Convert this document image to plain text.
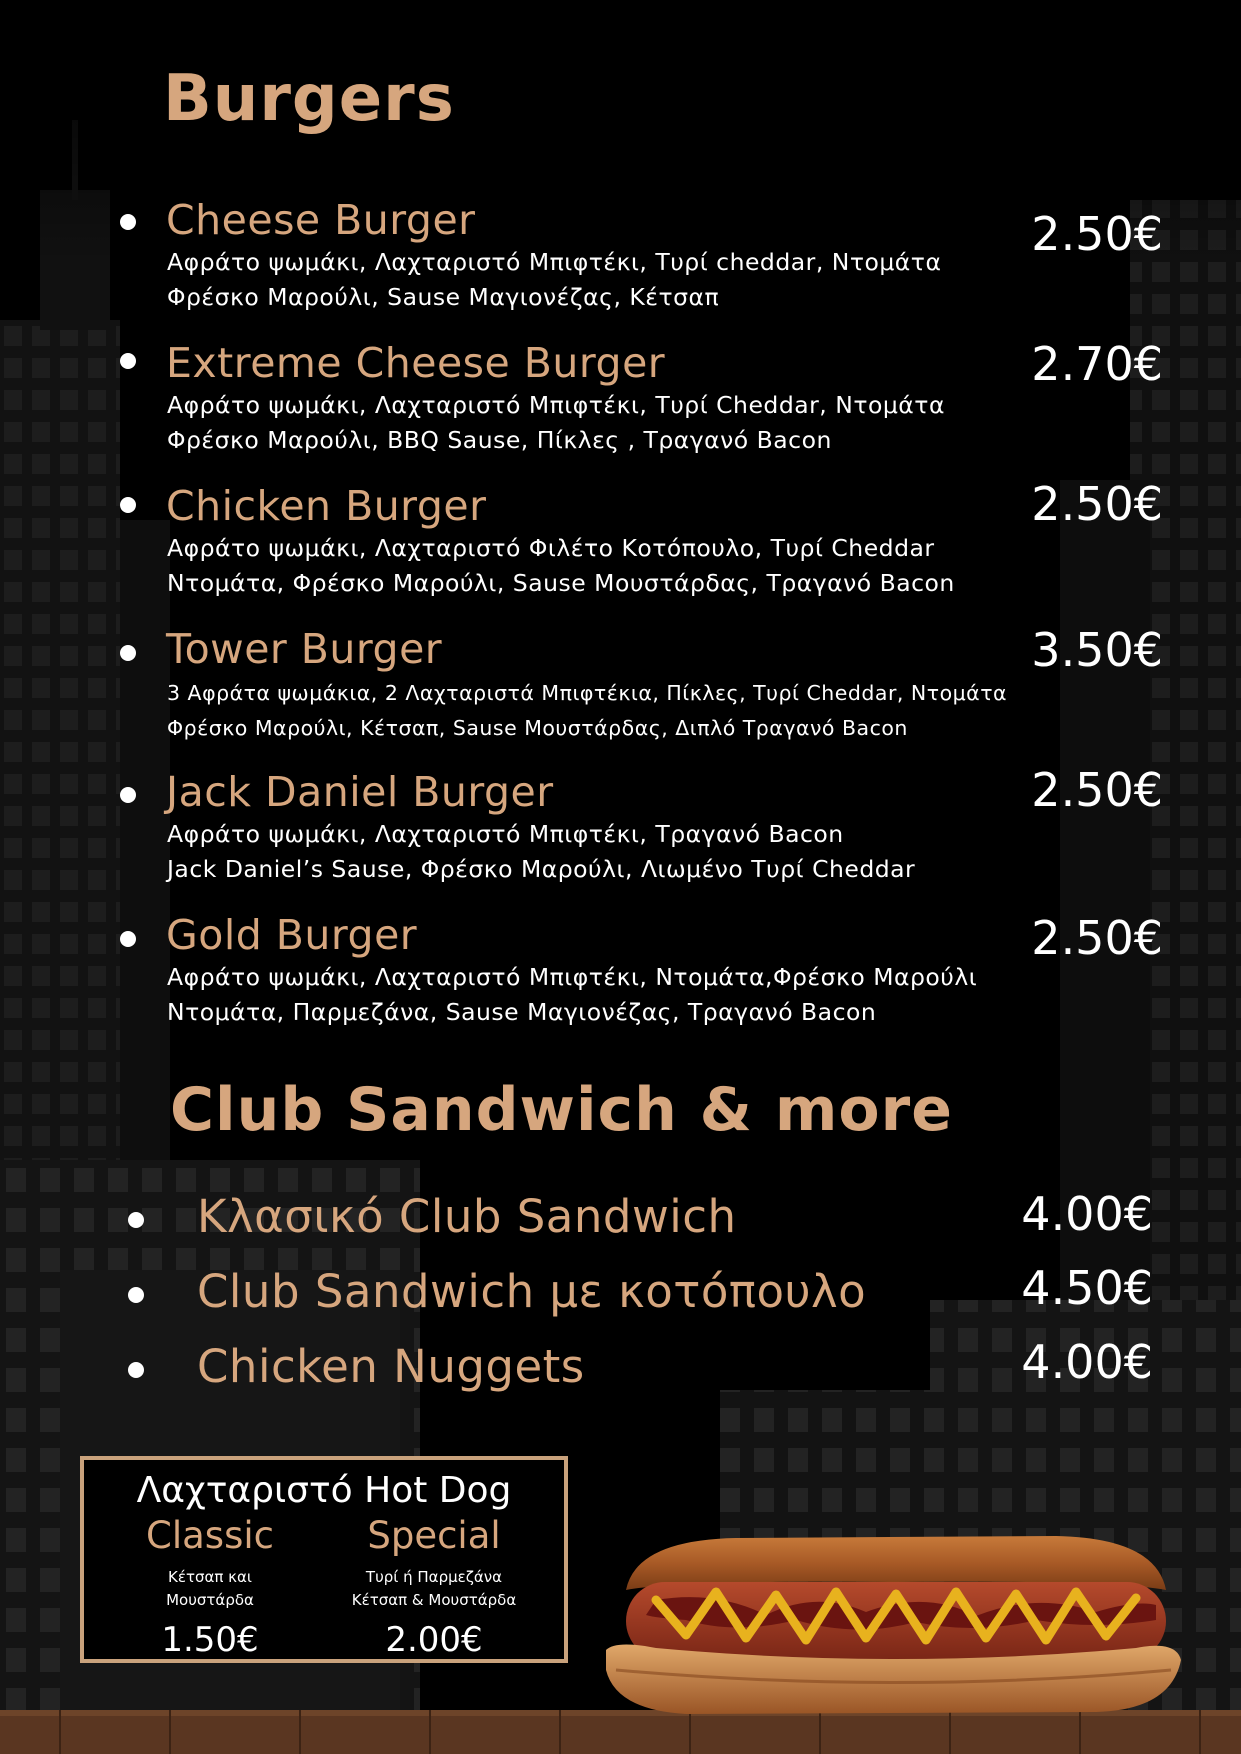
Burgers
Cheese Burger	2.50€
Αφράτο ψωμάκι, Λαχταριστό Μπιφτέκι, Τυρί cheddar, Ντομάτα
Φρέσκο Μαρούλι, Sause Μαγιονέζας, Κέτσαπ
Extreme Cheese Burger	2.70€
Αφράτο ψωμάκι, Λαχταριστό Μπιφτέκι, Τυρί Cheddar, Ντομάτα
Φρέσκο Μαρούλι, BBQ Sause, Πίκλες , Τραγανό Bacon
Chicken Burger	2.50€
Αφράτο ψωμάκι, Λαχταριστό Φιλέτο Κοτόπουλο, Τυρί Cheddar
Ντομάτα, Φρέσκο Μαρούλι, Sause Μουστάρδας, Τραγανό Bacon
Tower Burger	3.50€
3 Αφράτα ψωμάκια, 2 Λαχταριστά Μπιφτέκια, Πίκλες, Τυρί Cheddar, Ντομάτα
Φρέσκο Μαρούλι, Κέτσαπ, Sause Μουστάρδας, Διπλό Τραγανό Bacon
Jack Daniel Burger	2.50€
Αφράτο ψωμάκι, Λαχταριστό Μπιφτέκι, Τραγανό Bacon
Jack Daniel’s Sause, Φρέσκο Μαρούλι, Λιωμένο Τυρί Cheddar
Gold Burger	2.50€
Αφράτο ψωμάκι, Λαχταριστό Μπιφτέκι, Ντομάτα,Φρέσκο Μαρούλι
Ντομάτα, Παρμεζάνα, Sause Μαγιονέζας, Τραγανό Bacon
Club Sandwich & more
Κλασικό Club Sandwich	4.00€
Club Sandwich με κοτόπουλο	4.50€
Chicken Nuggets	4.00€
Λαχταριστό Hot Dog
Classic
Κέτσαπ και
Μουστάρδα
1.50€
Special
Τυρί ή Παρμεζάνα
Κέτσαπ & Μουστάρδα
2.00€
